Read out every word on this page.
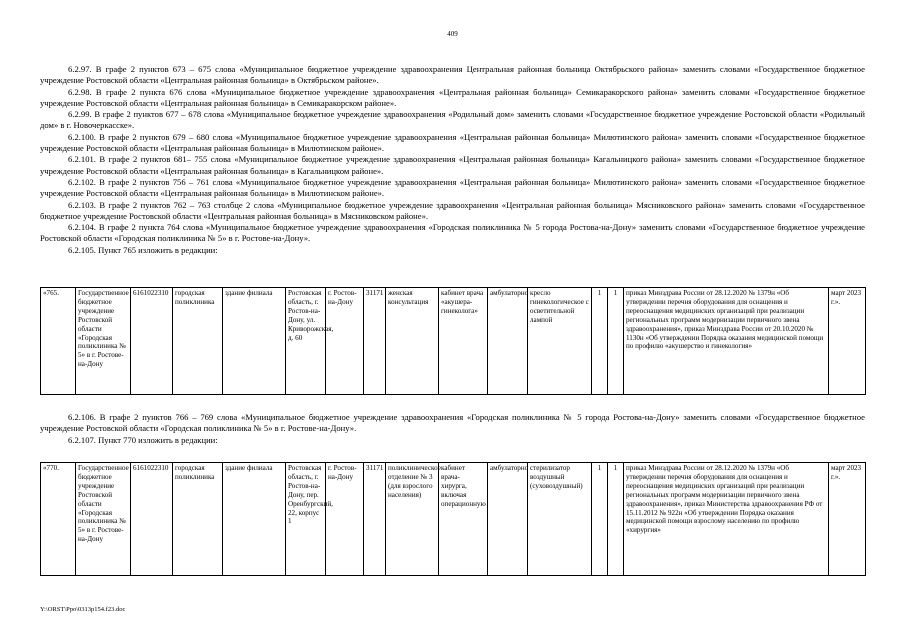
409

6.2.97. В графе 2 пунктов 673 – 675 слова «Муниципальное бюджетное учреждение здравоохранения Центральная районная больница Октябрьского района» заменить словами «Государственное бюджетное учреждение Ростовской области «Центральная районная больница» в Октябрьском районе».

6.2.98. В графе 2 пункта 676 слова «Муниципальное бюджетное учреждение здравоохранения «Центральная районная больница» Семикаракорского района» заменить словами «Государственное бюджетное учреждение Ростовской области «Центральная районная больница» в Семикаракорском районе».

6.2.99. В графе 2 пунктов 677 – 678 слова «Муниципальное бюджетное учреждение здравоохранения «Родильный дом» заменить словами «Государственное бюджетное учреждение Ростовской области «Родильный дом» в г. Новочеркасске».

6.2.100. В графе 2 пунктов 679 – 680 слова «Муниципальное бюджетное учреждение здравоохранения «Центральная районная больница» Милютинского района» заменить словами «Государственное бюджетное учреждение Ростовской области «Центральная районная больница» в Милютинском районе».

6.2.101. В графе 2 пунктов 681– 755 слова «Муниципальное бюджетное учреждение здравоохранения «Центральная районная больница» Кагальницкого района» заменить словами «Государственное бюджетное учреждение Ростовской области «Центральная районная больница» в Кагальницком районе».

6.2.102. В графе 2 пунктов 756 – 761 слова «Муниципальное бюджетное учреждение здравоохранения «Центральная районная больница» Милютинского района» заменить словами «Государственное бюджетное учреждение Ростовской области «Центральная районная больница» в Милютинском районе».

6.2.103. В графе 2 пунктов 762 – 763 столбце 2 слова «Муниципальное бюджетное учреждение здравоохранения «Центральная районная больница» Мясниковского района» заменить словами «Государственное бюджетное учреждение Ростовской области «Центральная районная больница» в Мясниковском районе».

6.2.104. В графе 2 пункта 764 слова «Муниципальное бюджетное учреждение здравоохранения «Городская поликлиника № 5 города Ростова-на-Дону» заменить словами «Государственное бюджетное учреждение Ростовской области «Городская поликлиника № 5» в г. Ростове-на-Дону».

6.2.105. Пункт 765 изложить в редакции:

«765.	Государственное бюджетное учреждение Ростовской области «Городская поликлиника № 5» в г. Ростове-на-Дону	6161022310	городская поликлиника	здание филиала	Ростовская область, г. Ростов-на-Дону, ул. Криворожская, д. 60	г. Ростов-на-Дону	31171	женская консультация	кабинет врача «акушера-гинеколога»	амбулаторно	кресло гинекологическое с осветительной лампой	1	1	приказ Минздрава России от 28.12.2020 № 1379н «Об утверждении перечня оборудования для оснащения и переоснащения медицинских организаций при реализации региональных программ модернизации первичного звена здравоохранения», приказ Минздрава России от 20.10.2020 № 1130н «Об утверждении Порядка оказания медицинской помощи по профилю «акушерство и гинекология»	март 2023 г.».

6.2.106. В графе 2 пунктов 766 – 769 слова «Муниципальное бюджетное учреждение здравоохранения «Городская поликлиника № 5 города Ростова-на-Дону» заменить словами «Государственное бюджетное учреждение Ростовской области «Городская поликлиника № 5» в г. Ростове-на-Дону».

6.2.107. Пункт 770 изложить в редакции:

«770.	Государственное бюджетное учреждение Ростовской области «Городская поликлиника № 5» в г. Ростове-на-Дону	6161022310	городская поликлиника	здание филиала	Ростовская область, г. Ростов-на-Дону, пер. Оренбургский, 22, корпус 1	г. Ростов-на-Дону	31171	поликлиническое отделение № 3 (для взрослого населения)	кабинет врача-хирурга, включая операционную	амбулаторно	стерилизатор воздушный (суховоздушный)	1	1	приказ Минздрава России от 28.12.2020 № 1379н «Об утверждении перечня оборудования для оснащения и переоснащения медицинских организаций при реализации региональных программ модернизации первичного звена здравоохранения», приказ Министерства здравоохранения РФ от 15.11.2012 № 922н «Об утверждении Порядка оказания медицинской помощи взрослому населению по профилю «хирургия»	март 2023 г.».
Y:\ORST\Ppo\0313p154.f23.doc
